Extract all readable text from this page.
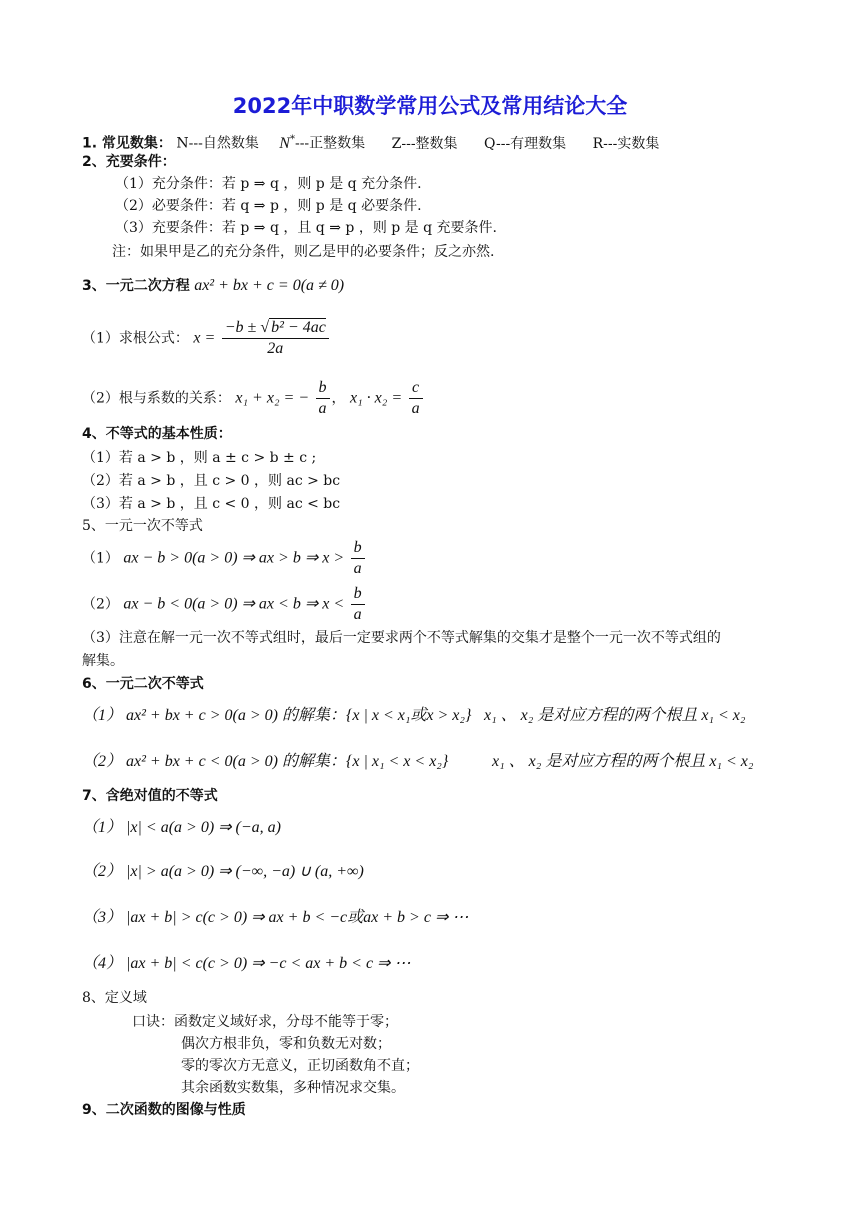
2022年中职数学常用公式及常用结论大全
1. 常见数集： N---自然数集 N*---正整数集 Z---整数集 Q---有理数集 R---实数集
2、充要条件：
（1）充分条件：若 p ⇒ q ，则 p 是 q 充分条件.
（2）必要条件：若 q ⇒ p ，则 p 是 q 必要条件.
（3）充要条件：若 p ⇒ q ，且 q ⇒ p ，则 p 是 q 充要条件.
注：如果甲是乙的充分条件，则乙是甲的必要条件；反之亦然.
3、一元二次方程 ax² + bx + c = 0(a ≠ 0)
（1）求根公式： $x = \frac{\text{−b ± √ b² − 4ac}}{2a}$
（2）根与系数的关系： x₁ + x₂ = − $\frac{b}{a}$ ， $x_1 \cdot x_2 = \frac{c}{a}$
4、不等式的基本性质：
（1）若 a > b ，则 a ± c > b ± c ;
（2）若 a > b ，且 c > 0 ，则 ac > bc
（3）若 a > b ，且 c < 0 ，则 ac < bc
5、一元一次不等式
（1） ax − b > 0(a > 0) ⇒ ax > b ⇒ $x > \frac{b}{a}$
（2） ax − b < 0(a > 0) ⇒ ax < b ⇒ $x < \frac{b}{a}$
（3）注意在解一元一次不等式组时，最后一定要求两个不等式解集的交集才是整个一元一次不等式组的
解集。
6、一元二次不等式
（1） ax² + bx + c > 0(a > 0) 的解集：{x | x < x₁或x > x₂} x₁ 、 x₂ 是对应方程的两个根且 x₁ < x₂
（2） ax² + bx + c < 0(a > 0) 的解集：{x | x₁ < x < x₂}	x₁ 、 x₂ 是对应方程的两个根且 x₁ < x₂
7、含绝对值的不等式
（1） |x| < a(a > 0) ⇒ (−a, a)
（2） |x| > a(a > 0) ⇒ (−∞, −a) ∪ (a, +∞)
（3） |ax + b| > c(c > 0) ⇒ ax + b < −c或ax + b > c ⇒ ⋯
（4） |ax + b| < c(c > 0) ⇒ −c < ax + b < c ⇒ ⋯
8、定义域
口诀：函数定义域好求，分母不能等于零；
偶次方根非负，零和负数无对数；
零的零次方无意义，正切函数角不直；
其余函数实数集，多种情况求交集。
9、二次函数的图像与性质
